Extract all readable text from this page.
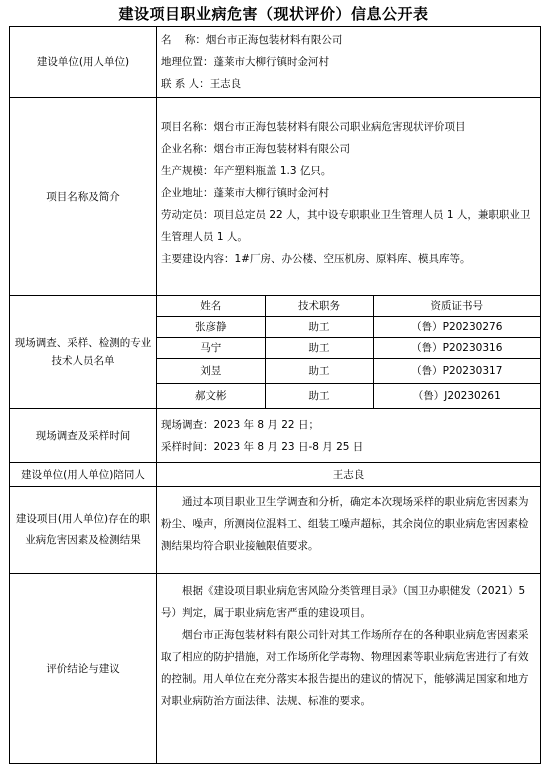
建设项目职业病危害（现状评价）信息公开表
建设单位(用人单位)	
名    称：烟台市正海包装材料有限公司
地理位置：蓬莱市大柳行镇时金河村
联 系 人：王志良

项目名称及简介	
项目名称：烟台市正海包装材料有限公司职业病危害现状评价项目
企业名称：烟台市正海包装材料有限公司
生产规模：年产塑料瓶盖 1.3 亿只。
企业地址：蓬莱市大柳行镇时金河村
劳动定员：项目总定员 22 人，其中设专职职业卫生管理人员 1 人，兼职职业卫生管理人员 1 人。
主要建设内容：1#厂房、办公楼、空压机房、原料库、模具库等。

现场调查、采样、检测的专业技术人员名单	
姓名	技术职务	资质证书号
张彦静	助工	（鲁）P20230276
马宁	助工	（鲁）P20230316
刘昱	助工	（鲁）P20230317
郝文彬	助工	（鲁）J20230261

现场调查及采样时间	
现场调查：2023 年 8 月 22 日；
采样时间：2023 年 8 月 23 日-8 月 25 日

建设单位(用人单位)陪同人	王志良
建设项目(用人单位)存在的职业病危害因素及检测结果	
通过本项目职业卫生学调查和分析，确定本次现场采样的职业病危害因素为粉尘、噪声，所测岗位混料工、组装工噪声超标，其余岗位的职业病危害因素检测结果均符合职业接触限值要求。

评价结论与建议	
根据《建设项目职业病危害风险分类管理目录》（国卫办职健发（2021）5 号）判定，属于职业病危害严重的建设项目。
烟台市正海包装材料有限公司针对其工作场所存在的各种职业病危害因素采取了相应的防护措施，对工作场所化学毒物、物理因素等职业病危害进行了有效的控制。用人单位在充分落实本报告提出的建议的情况下，能够满足国家和地方对职业病防治方面法律、法规、标准的要求。
